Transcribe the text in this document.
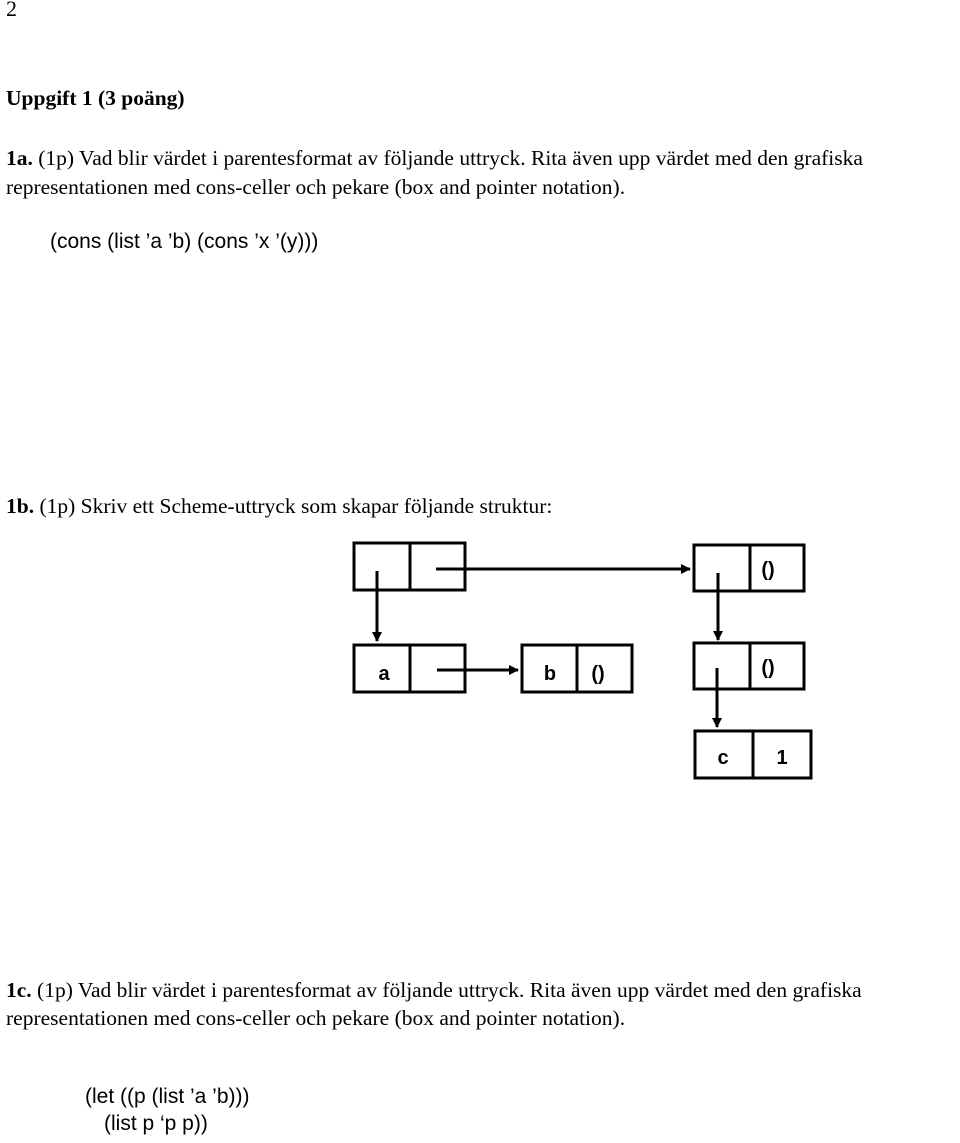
2
Uppgift 1 (3 poäng)
1a. (1p) Vad blir värdet i parentesformat av följande uttryck. Rita även upp värdet med den grafiska
representationen med cons-celler och pekare (box and pointer notation).
(cons (list ’a ’b) (cons ’x ’(y)))
1b. (1p) Skriv ett Scheme-uttryck som skapar följande struktur:
()
a	b ()	()
c 1
1c. (1p) Vad blir värdet i parentesformat av följande uttryck. Rita även upp värdet med den grafiska
representationen med cons-celler och pekare (box and pointer notation).
(let ((p (list ’a ’b)))
(list p ‘p p))
